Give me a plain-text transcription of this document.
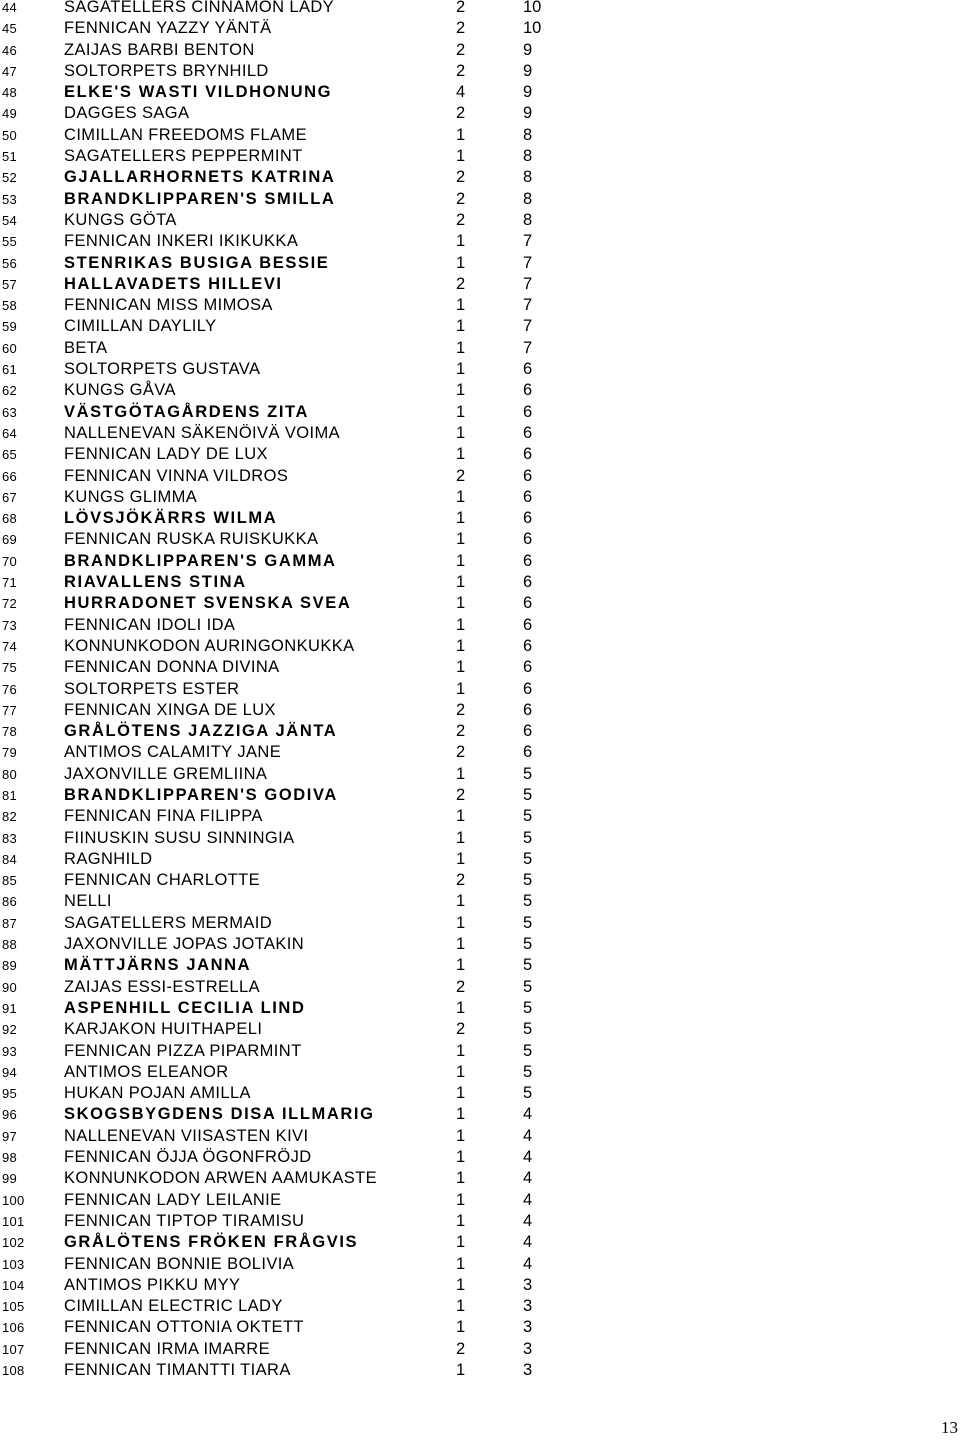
44	SAGATELLERS CINNAMON LADY	2	10
45	FENNICAN YAZZY YÄNTÄ	2	10
46	ZAIJAS BARBI BENTON	2	9
47	SOLTORPETS BRYNHILD	2	9
48	ELKE'S WASTI VILDHONUNG	4	9
49	DAGGES SAGA	2	9
50	CIMILLAN FREEDOMS FLAME	1	8
51	SAGATELLERS PEPPERMINT	1	8
52	GJALLARHORNETS KATRINA	2	8
53	BRANDKLIPPAREN'S SMILLA	2	8
54	KUNGS GÖTA	2	8
55	FENNICAN INKERI IKIKUKKA	1	7
56	STENRIKAS BUSIGA BESSIE	1	7
57	HALLAVADETS HILLEVI	2	7
58	FENNICAN MISS MIMOSA	1	7
59	CIMILLAN DAYLILY	1	7
60	BETA	1	7
61	SOLTORPETS GUSTAVA	1	6
62	KUNGS GÅVA	1	6
63	VÄSTGÖTAGÅRDENS ZITA	1	6
64	NALLENEVAN SÄKENÖIVÄ VOIMA	1	6
65	FENNICAN LADY DE LUX	1	6
66	FENNICAN VINNA VILDROS	2	6
67	KUNGS GLIMMA	1	6
68	LÖVSJÖKÄRRS WILMA	1	6
69	FENNICAN RUSKA RUISKUKKA	1	6
70	BRANDKLIPPAREN'S GAMMA	1	6
71	RIAVALLENS STINA	1	6
72	HURRADONET SVENSKA SVEA	1	6
73	FENNICAN IDOLI IDA	1	6
74	KONNUNKODON AURINGONKUKKA	1	6
75	FENNICAN DONNA DIVINA	1	6
76	SOLTORPETS ESTER	1	6
77	FENNICAN XINGA DE LUX	2	6
78	GRÅLÖTENS JAZZIGA JÄNTA	2	6
79	ANTIMOS CALAMITY JANE	2	6
80	JAXONVILLE GREMLIINA	1	5
81	BRANDKLIPPAREN'S GODIVA	2	5
82	FENNICAN FINA FILIPPA	1	5
83	FIINUSKIN SUSU SINNINGIA	1	5
84	RAGNHILD	1	5
85	FENNICAN CHARLOTTE	2	5
86	NELLI	1	5
87	SAGATELLERS MERMAID	1	5
88	JAXONVILLE JOPAS JOTAKIN	1	5
89	MÄTTJÄRNS JANNA	1	5
90	ZAIJAS ESSI-ESTRELLA	2	5
91	ASPENHILL CECILIA LIND	1	5
92	KARJAKON HUITHAPELI	2	5
93	FENNICAN PIZZA PIPARMINT	1	5
94	ANTIMOS ELEANOR	1	5
95	HUKAN POJAN AMILLA	1	5
96	SKOGSBYGDENS DISA ILLMARIG	1	4
97	NALLENEVAN VIISASTEN KIVI	1	4
98	FENNICAN ÖJJA ÖGONFRÖJD	1	4
99	KONNUNKODON ARWEN AAMUKASTE	1	4
100	FENNICAN LADY LEILANIE	1	4
101	FENNICAN TIPTOP TIRAMISU	1	4
102	GRÅLÖTENS FRÖKEN FRÅGVIS	1	4
103	FENNICAN BONNIE BOLIVIA	1	4
104	ANTIMOS PIKKU MYY	1	3
105	CIMILLAN ELECTRIC LADY	1	3
106	FENNICAN OTTONIA OKTETT	1	3
107	FENNICAN IRMA IMARRE	2	3
108	FENNICAN TIMANTTI TIARA	1	3
13
